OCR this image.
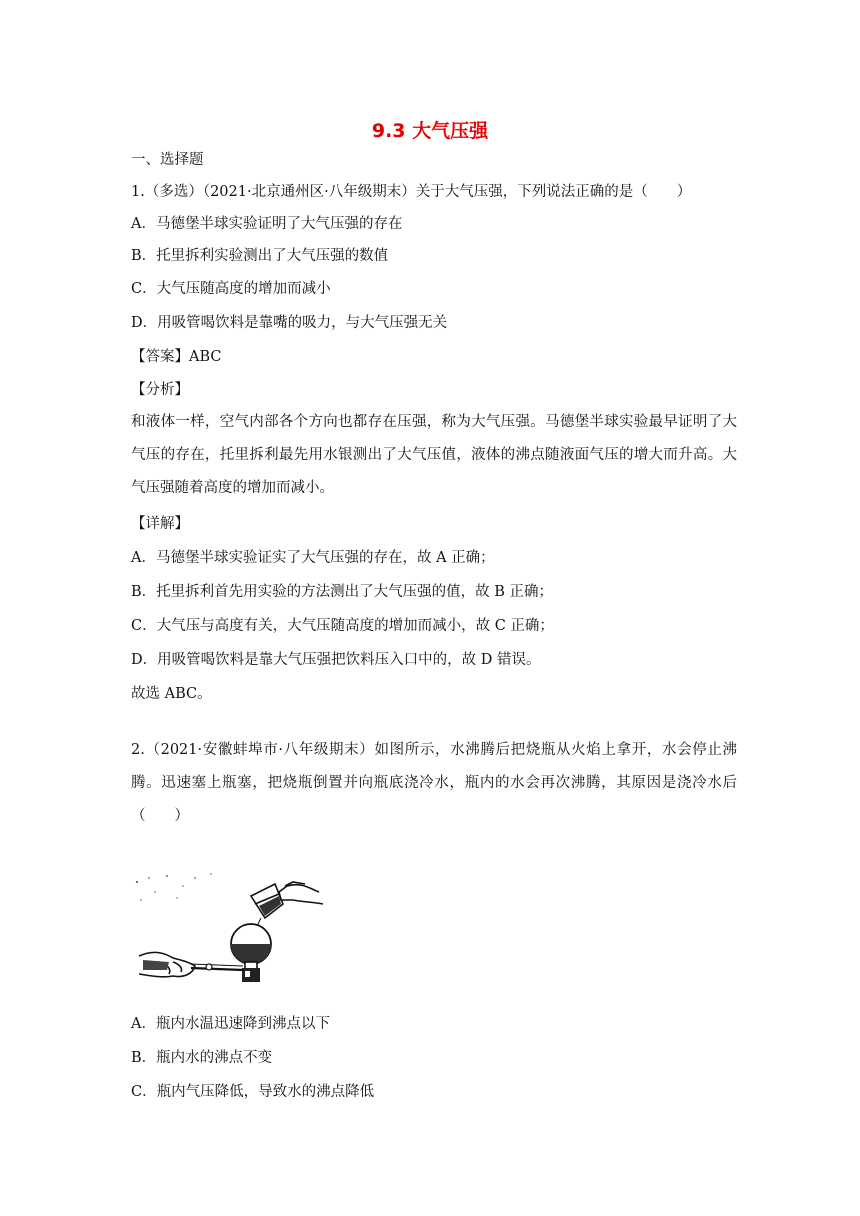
9.3 大气压强
一、选择题
1.（多选）（2021·北京通州区·八年级期末）关于大气压强，下列说法正确的是（　　）
A．马德堡半球实验证明了大气压强的存在
B．托里拆利实验测出了大气压强的数值
C．大气压随高度的增加而减小
D．用吸管喝饮料是靠嘴的吸力，与大气压强无关
【答案】ABC
【分析】
和液体一样，空气内部各个方向也都存在压强，称为大气压强。马德堡半球实验最早证明了大气压的存在，托里拆利最先用水银测出了大气压值，液体的沸点随液面气压的增大而升高。大气压强随着高度的增加而减小。
【详解】
A．马德堡半球实验证实了大气压强的存在，故 A 正确；
B．托里拆利首先用实验的方法测出了大气压强的值，故 B 正确；
C．大气压与高度有关，大气压随高度的增加而减小，故 C 正确；
D．用吸管喝饮料是靠大气压强把饮料压入口中的，故 D 错误。
故选 ABC。
2.（2021·安徽蚌埠市·八年级期末）如图所示，水沸腾后把烧瓶从火焰上拿开，水会停止沸腾。迅速塞上瓶塞，把烧瓶倒置并向瓶底浇冷水，瓶内的水会再次沸腾，其原因是浇冷水后（　　）
A．瓶内水温迅速降到沸点以下
B．瓶内水的沸点不变
C．瓶内气压降低，导致水的沸点降低
